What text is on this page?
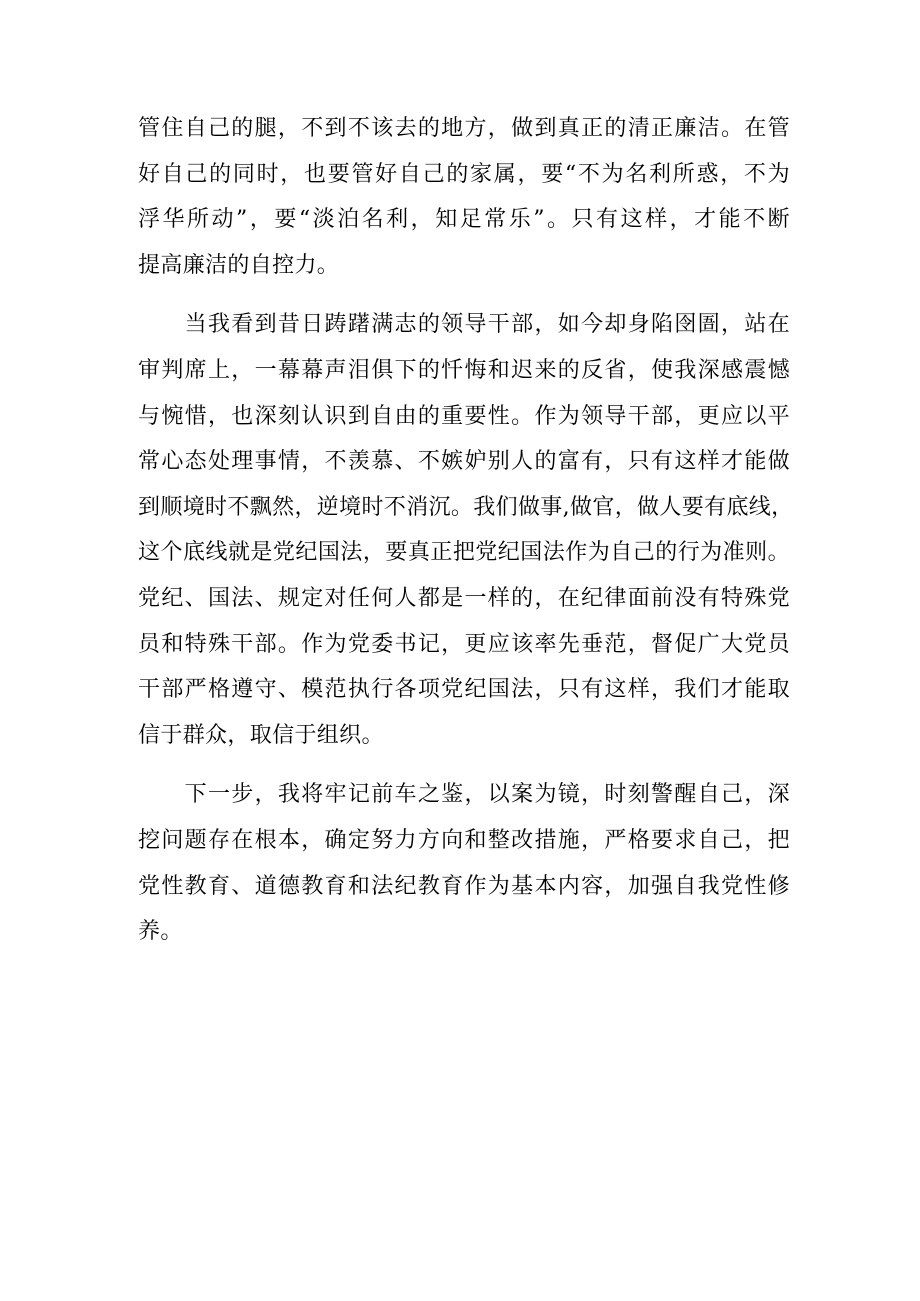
管住自己的腿，不到不该去的地方，做到真正的清正廉洁。在管
好自己的同时，也要管好自己的家属，要“不为名利所惑，不为
浮华所动”，要“淡泊名利，知足常乐”。只有这样，才能不断
提高廉洁的自控力。
　　当我看到昔日踌躇满志的领导干部，如今却身陷囹圄，站在
审判席上，一幕幕声泪俱下的忏悔和迟来的反省，使我深感震憾
与惋惜，也深刻认识到自由的重要性。作为领导干部，更应以平
常心态处理事情，不羡慕、不嫉妒别人的富有，只有这样才能做
到顺境时不飘然，逆境时不消沉。我们做事,做官，做人要有底线，
这个底线就是党纪国法，要真正把党纪国法作为自己的行为准则。
党纪、国法、规定对任何人都是一样的，在纪律面前没有特殊党
员和特殊干部。作为党委书记，更应该率先垂范，督促广大党员
干部严格遵守、模范执行各项党纪国法，只有这样，我们才能取
信于群众，取信于组织。
　　下一步，我将牢记前车之鉴，以案为镜，时刻警醒自己，深
挖问题存在根本，确定努力方向和整改措施，严格要求自己，把
党性教育、道德教育和法纪教育作为基本内容，加强自我党性修
养。
